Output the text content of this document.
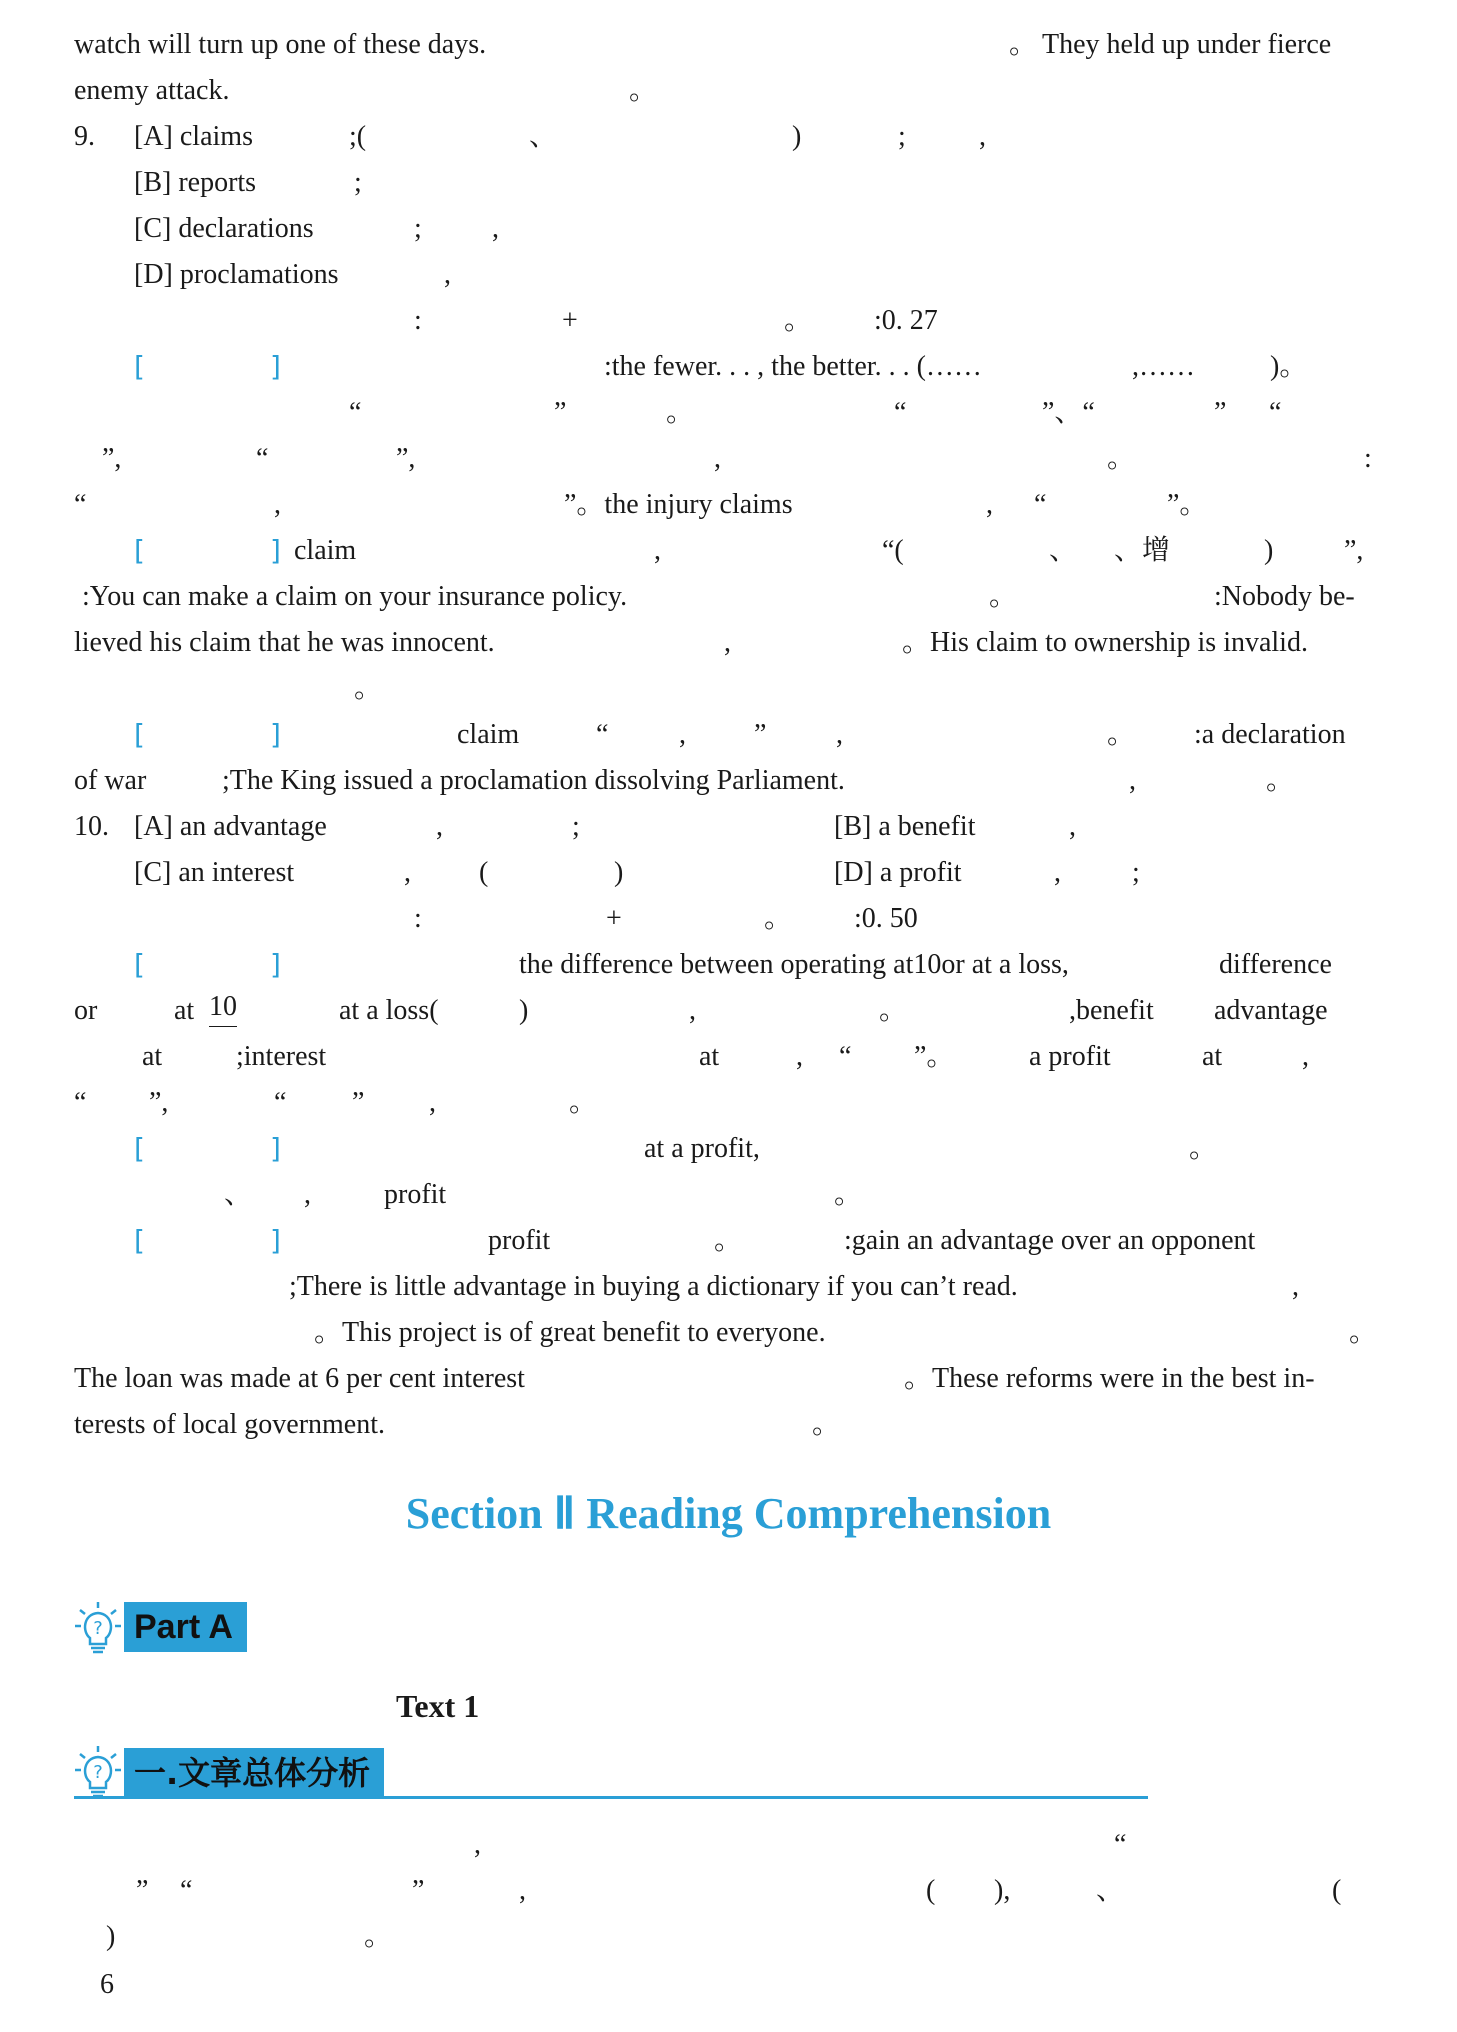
watch will turn up one of these days.	。 They held up under fierce
enemy attack.	。
9. [A] claims	;(	、	)	;	,
[B] reports	;
[C] declarations	;	,
[D] proclamations	,
:	+	。 :0. 27
[	]	:the fewer. . . , the better. . . (……	,……	)。
“	”	。	“	”、“	” “
”,	“	”,	,	。	:
“	,	”。the injury claims	, “	”。
[	] claim	,	“(	、 、增	)	”,
:You can make a claim on your insurance policy.	。	:Nobody be-
lieved his claim that he was innocent.	,	。His claim to ownership is invalid.
。
[	]	claim	“	, ” ,	。 :a declaration
of war	;The King issued a proclamation dissolving Parliament.	,	。
10. [A] an advantage	,	;	[B] a benefit	,
[C] an interest	, (	)	[D] a profit	,	;
:	+	。 :0. 50
[	]	the difference between operating at10or at a loss,	difference
or	at 10	at a loss(	)	,	。	,benefit advantage
at	;interest	at	, “ ”。	a profit	at	,
“ ”,	“ ” ,	。
[	]	at a profit,	。
、 ,	profit	。
[	]	profit	。	:gain an advantage over an opponent
;There is little advantage in buying a dictionary if you can’t read.	,
。This project is of great benefit to everyone.	。
The loan was made at 6 per cent interest	。These reforms were in the best in-
terests of local government.	。
Section Ⅱ Reading Comprehension
? Part A
Text 1
? 一.文章总体分析
,	“
” “	”	,	( ),	、	(
)	。
6
